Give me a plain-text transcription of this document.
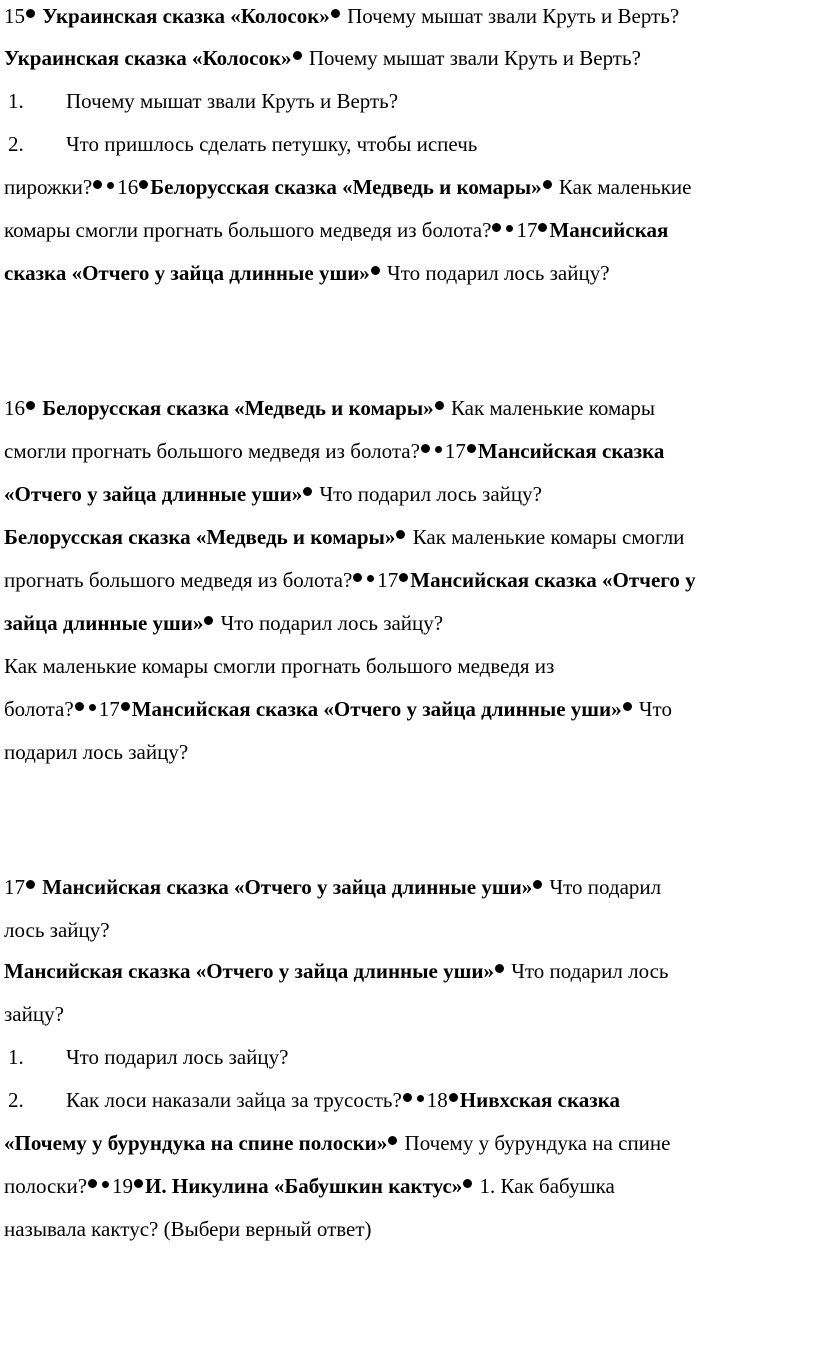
15 Украинская сказка «Колосок» Почему мышат звали Круть и Верть?
Украинская сказка «Колосок» Почему мышат звали Круть и Верть?
1. Почему мышат звали Круть и Верть?
2. Что пришлось сделать петушку, чтобы испечь
пирожки? 16 Белорусская сказка «Медведь и комары» Как маленькие
комары смогли прогнать большого медведя из болота? 17 Мансийская
сказка «Отчего у зайца длинные уши» Что подарил лось зайцу?
16 Белорусская сказка «Медведь и комары» Как маленькие комары
смогли прогнать большого медведя из болота? 17 Мансийская сказка
«Отчего у зайца длинные уши» Что подарил лось зайцу?
Белорусская сказка «Медведь и комары» Как маленькие комары смогли
прогнать большого медведя из болота? 17 Мансийская сказка «Отчего у
зайца длинные уши» Что подарил лось зайцу?
Как маленькие комары смогли прогнать большого медведя из
болота? 17 Мансийская сказка «Отчего у зайца длинные уши» Что
подарил лось зайцу?
17 Мансийская сказка «Отчего у зайца длинные уши» Что подарил
лось зайцу?
Мансийская сказка «Отчего у зайца длинные уши» Что подарил лось
зайцу?
1. Что подарил лось зайцу?
2. Как лоси наказали зайца за трусость? 18 Нивхская сказка
«Почему у бурундука на спине полоски» Почему у бурундука на спине
полоски? 19 И. Никулина «Бабушкин кактус» 1. Как бабушка
называла кактус? (Выбери верный ответ)
